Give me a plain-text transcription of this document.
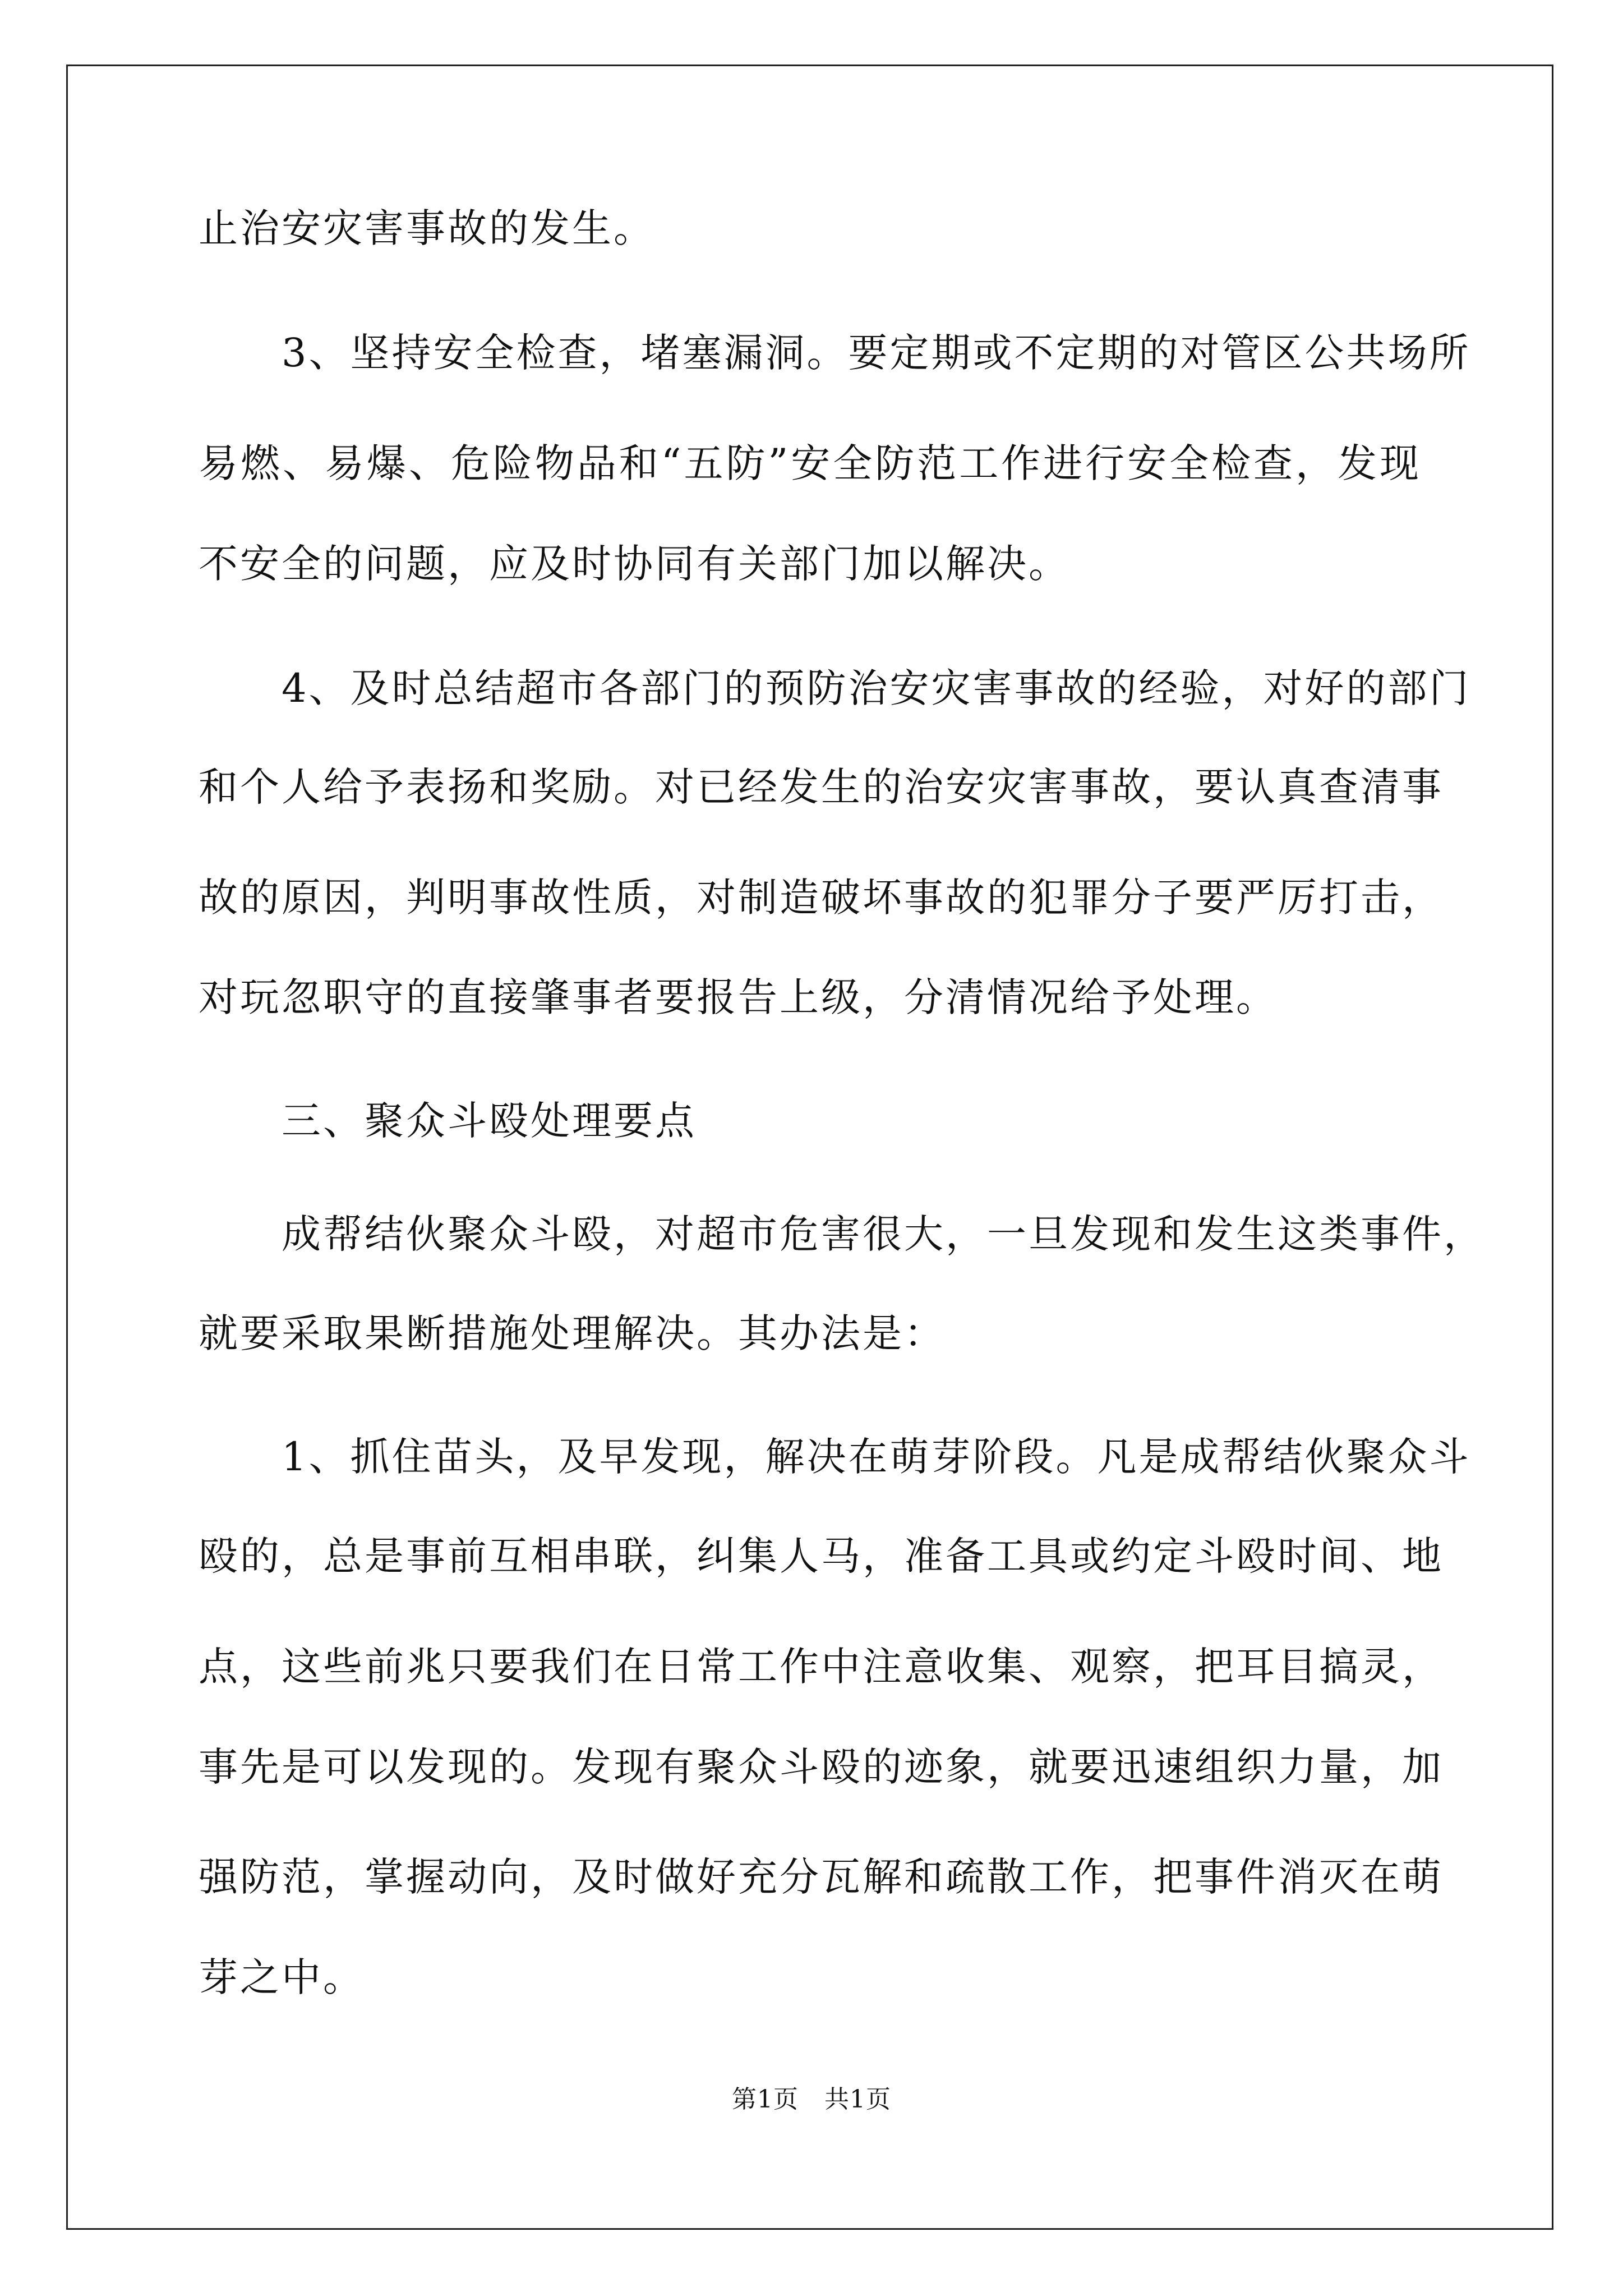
止治安灾害事故的发生。
3、坚持安全检查，堵塞漏洞。要定期或不定期的对管区公共场所
易燃、易爆、危险物品和“五防”安全防范工作进行安全检查，发现
不安全的问题，应及时协同有关部门加以解决。
4、及时总结超市各部门的预防治安灾害事故的经验，对好的部门
和个人给予表扬和奖励。对已经发生的治安灾害事故，要认真查清事
故的原因，判明事故性质，对制造破坏事故的犯罪分子要严厉打击，
对玩忽职守的直接肇事者要报告上级，分清情况给予处理。
三、聚众斗殴处理要点
成帮结伙聚众斗殴，对超市危害很大，一旦发现和发生这类事件，
就要采取果断措施处理解决。其办法是：
1、抓住苗头，及早发现，解决在萌芽阶段。凡是成帮结伙聚众斗
殴的，总是事前互相串联，纠集人马，准备工具或约定斗殴时间、地
点，这些前兆只要我们在日常工作中注意收集、观察，把耳目搞灵，
事先是可以发现的。发现有聚众斗殴的迹象，就要迅速组织力量，加
强防范，掌握动向，及时做好充分瓦解和疏散工作，把事件消灭在萌
芽之中。
第1页 共1页
